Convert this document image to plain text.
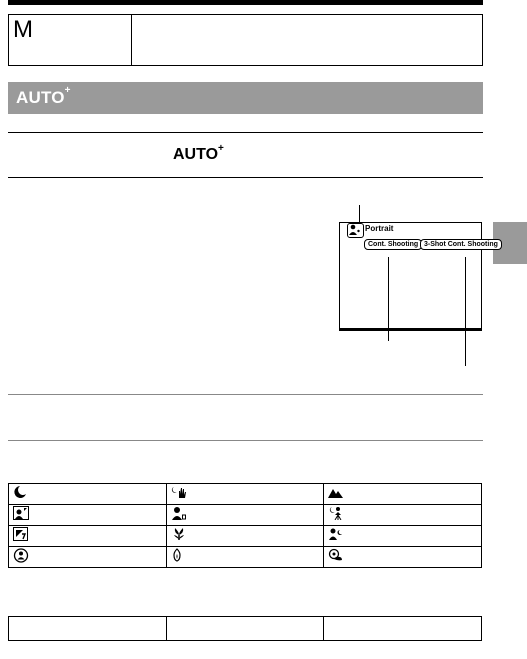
M
AUTO+
AUTO+
Portrait
Cont. Shooting 3-Shot Cont. Shooting
